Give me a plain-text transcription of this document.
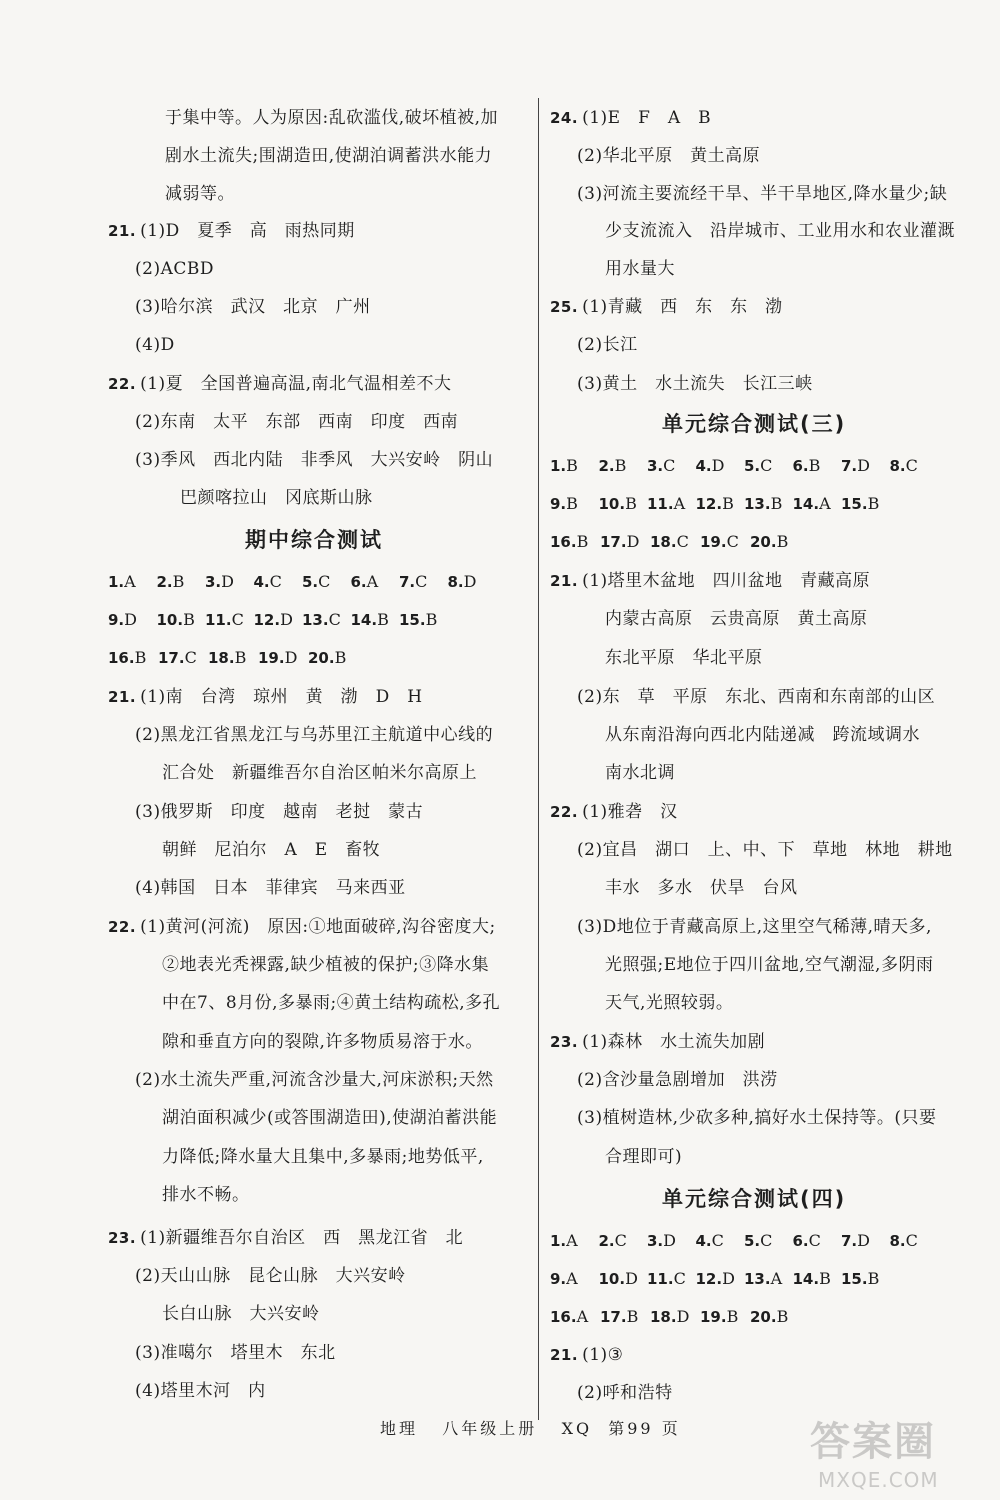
于集中等。人为原因:乱砍滥伐,破坏植被,加
剧水土流失;围湖造田,使湖泊调蓄洪水能力
减弱等。
21. (1)D　夏季　高　雨热同期
(2)ACBD
(3)哈尔滨　武汉　北京　广州
(4)D
22. (1)夏　全国普遍高温,南北气温相差不大
(2)东南　太平　东部　西南　印度　西南
(3)季风　西北内陆　非季风　大兴安岭　阴山
巴颜喀拉山　冈底斯山脉
期中综合测试
1.A 2.B 3.D 4.C 5.C 6.A 7.C 8.D
9.D 10.B 11.C 12.D 13.C 14.B 15.B
16.B 17.C 18.B 19.D 20.B
21. (1)南　台湾　琼州　黄　渤　D　H
(2)黑龙江省黑龙江与乌苏里江主航道中心线的
汇合处　新疆维吾尔自治区帕米尔高原上
(3)俄罗斯　印度　越南　老挝　蒙古
朝鲜　尼泊尔　A　E　畜牧
(4)韩国　日本　菲律宾　马来西亚
22. (1)黄河(河流)　原因:①地面破碎,沟谷密度大;
②地表光秃裸露,缺少植被的保护;③降水集
中在7、8月份,多暴雨;④黄土结构疏松,多孔
隙和垂直方向的裂隙,许多物质易溶于水。
(2)水土流失严重,河流含沙量大,河床淤积;天然
湖泊面积减少(或答围湖造田),使湖泊蓄洪能
力降低;降水量大且集中,多暴雨;地势低平,
排水不畅。
23. (1)新疆维吾尔自治区　西　黑龙江省　北
(2)天山山脉　昆仑山脉　大兴安岭
长白山脉　大兴安岭
(3)准噶尔　塔里木　东北
(4)塔里木河　内
24. (1)E　F　A　B
(2)华北平原　黄土高原
(3)河流主要流经干旱、半干旱地区,降水量少;缺
少支流流入　沿岸城市、工业用水和农业灌溉
用水量大
25. (1)青藏　西　东　东　渤
(2)长江
(3)黄土　水土流失　长江三峡
单元综合测试(三)
1.B 2.B 3.C 4.D 5.C 6.B 7.D 8.C
9.B 10.B 11.A 12.B 13.B 14.A 15.B
16.B 17.D 18.C 19.C 20.B
21. (1)塔里木盆地　四川盆地　青藏高原
内蒙古高原　云贵高原　黄土高原
东北平原　华北平原
(2)东　草　平原　东北、西南和东南部的山区
从东南沿海向西北内陆递减　跨流域调水
南水北调
22. (1)雅砻　汉
(2)宜昌　湖口　上、中、下　草地　林地　耕地
丰水　多水　伏旱　台风
(3)D地位于青藏高原上,这里空气稀薄,晴天多,
光照强;E地位于四川盆地,空气潮湿,多阴雨
天气,光照较弱。
23. (1)森林　水土流失加剧
(2)含沙量急剧增加　洪涝
(3)植树造林,少砍多种,搞好水土保持等。(只要
合理即可)
单元综合测试(四)
1.A 2.C 3.D 4.C 5.C 6.C 7.D 8.C
9.A 10.D 11.C 12.D 13.A 14.B 15.B
16.A 17.B 18.D 19.B 20.B
21. (1)③
(2)呼和浩特
地理 八年级上册 XQ 第99 页	答案圈
MXQE.COM
